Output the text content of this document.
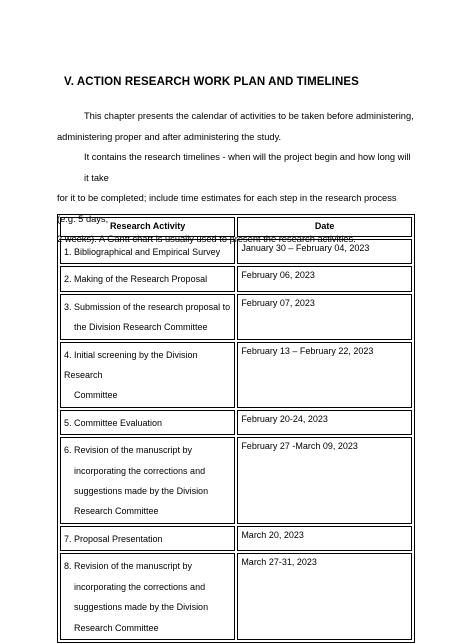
V. ACTION RESEARCH WORK PLAN AND TIMELINES
This chapter presents the calendar of activities to be taken before administering,
administering proper and after administering the study.
It contains the research timelines - when will the project begin and how long will it take
for it to be completed; include time estimates for each step in the research process (e.g. 5 days,
2 weeks). A Gantt chart is usually used to present the research activities.
Research Activity	Date

1. Bibliographical and Empirical Survey	January 30 – February 04, 2023

2. Making of the Research Proposal	February 06, 2023

3. Submission of the research proposal to
the Division Research Committee	February 07, 2023

4. Initial screening by the Division Research
Committee	February 13 – February 22, 2023

5. Committee Evaluation	February 20-24, 2023

6. Revision of the manuscript by
incorporating the corrections and
suggestions made by the Division
Research Committee	February 27 -March 09, 2023

7. Proposal Presentation	March 20, 2023

8. Revision of the manuscript by
incorporating the corrections and
suggestions made by the Division
Research Committee	March 27-31, 2023
